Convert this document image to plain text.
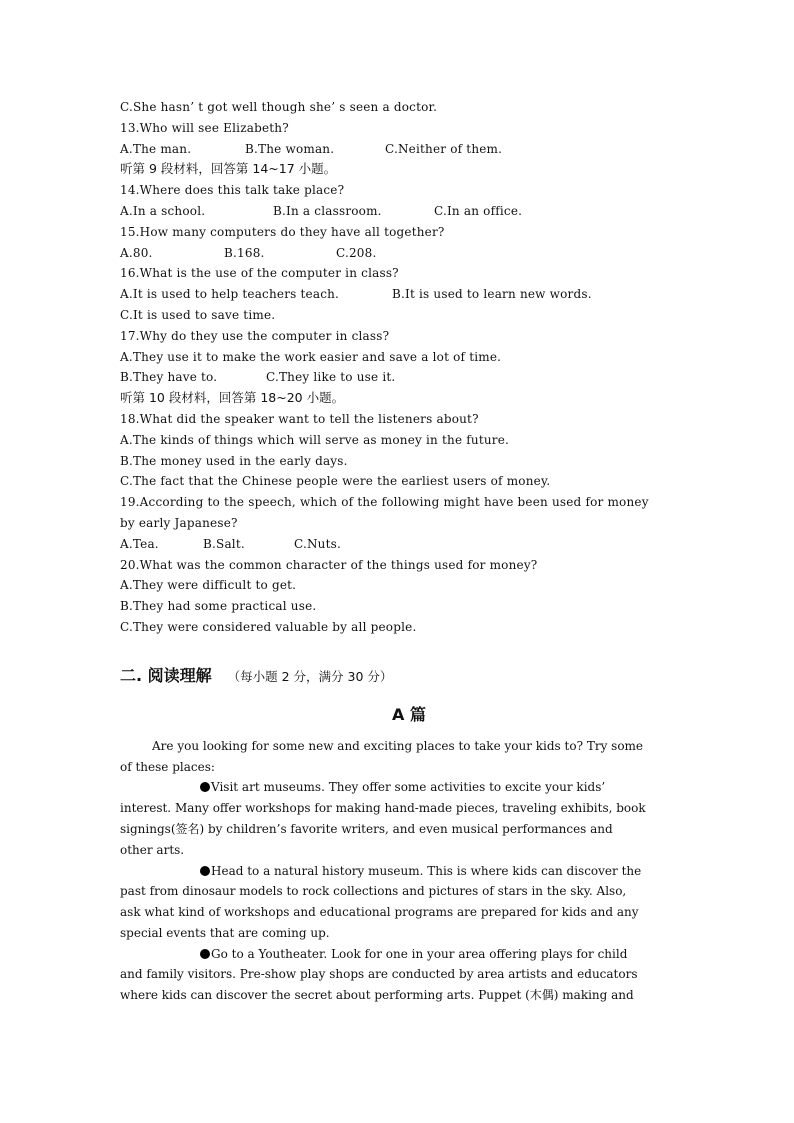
C.She hasn’ t got well though she’ s seen a doctor.
13.Who will see Elizabeth?
A.The man.	B.The woman.	C.Neither of them.
听第 9 段材料，回答第 14~17 小题。
14.Where does this talk take place?
A.In a school.	B.In a classroom.	C.In an office.
15.How many computers do they have all together?
A.80.	B.168.	C.208.
16.What is the use of the computer in class?
A.It is used to help teachers teach.	B.It is used to learn new words.
C.It is used to save time.
17.Why do they use the computer in class?
A.They use it to make the work easier and save a lot of time.
B.They have to.	C.They like to use it.
听第 10 段材料，回答第 18~20 小题。
18.What did the speaker want to tell the listeners about?
A.The kinds of things which will serve as money in the future.
B.The money used in the early days.
C.The fact that the Chinese people were the earliest users of money.
19.According to the speech, which of the following might have been used for money
by early Japanese?
A.Tea.	B.Salt.	C.Nuts.
20.What was the common character of the things used for money?
A.They were difficult to get.
B.They had some practical use.
C.They were considered valuable by all people.
二. 阅读理解 （每小题 2 分，满分 30 分）
A 篇
Are you looking for some new and exciting places to take your kids to? Try some
of these places:
Visit art museums. They offer some activities to excite your kids’
interest. Many offer workshops for making hand-made pieces, traveling exhibits, book
signings(签名) by children’s favorite writers, and even musical performances and
other arts.
Head to a natural history museum. This is where kids can discover the
past from dinosaur models to rock collections and pictures of stars in the sky. Also,
ask what kind of workshops and educational programs are prepared for kids and any
special events that are coming up.
Go to a Youtheater. Look for one in your area offering plays for child
and family visitors. Pre-show play shops are conducted by area artists and educators
where kids can discover the secret about performing arts. Puppet (木偶) making and
